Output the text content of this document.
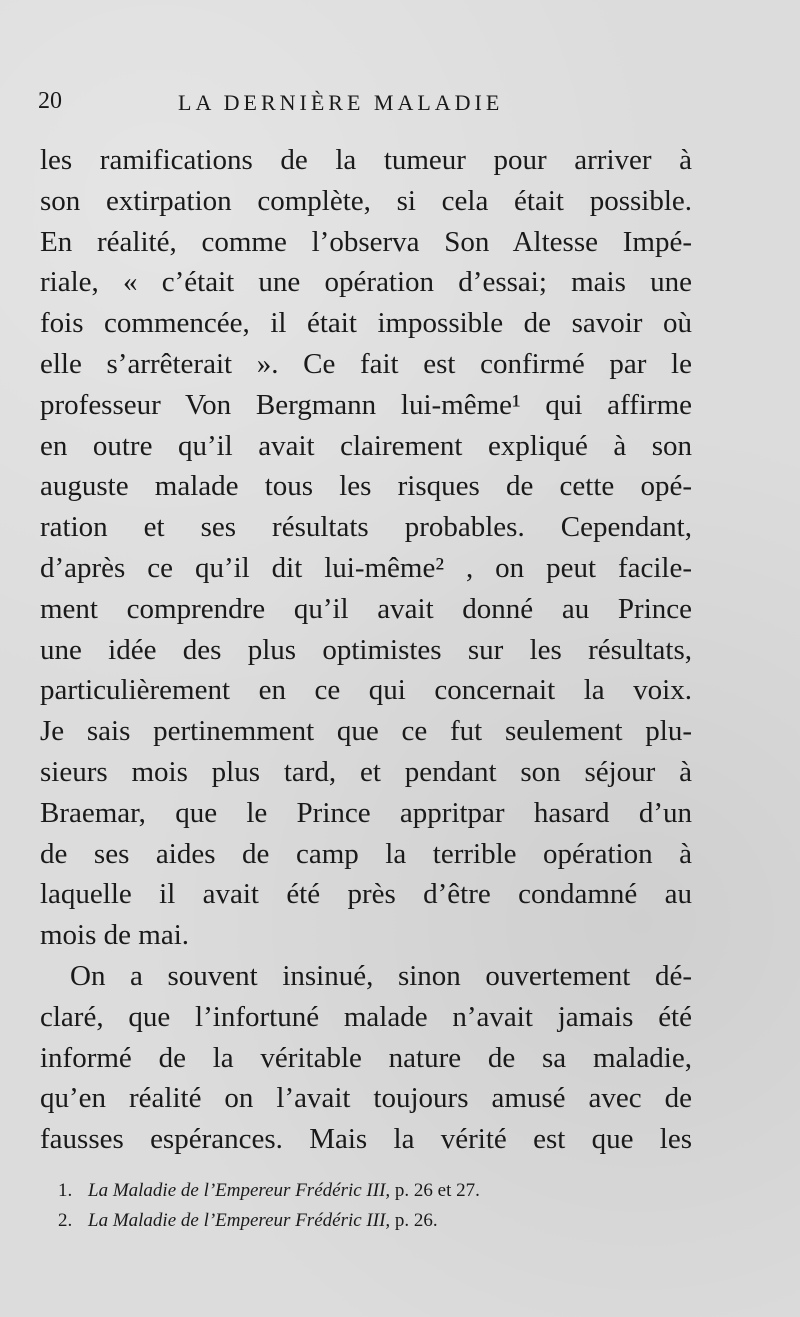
20	LA DERNIÈRE MALADIE
les ramifications de la tumeur pour arriver à
son extirpation complète, si cela était possible.
En réalité, comme l’observa Son Altesse Impé-
riale, « c’était une opération d’essai; mais une
fois commencée, il était impossible de savoir où
elle s’arrêterait ». Ce fait est confirmé par le
professeur Von Bergmann lui-même¹ qui affirme
en outre qu’il avait clairement expliqué à son
auguste malade tous les risques de cette opé-
ration et ses résultats probables. Cependant,
d’après ce qu’il dit lui-même² , on peut facile-
ment comprendre qu’il avait donné au Prince
une idée des plus optimistes sur les résultats,
particulièrement en ce qui concernait la voix.
Je sais pertinemment que ce fut seulement plu-
sieurs mois plus tard, et pendant son séjour à
Braemar, que le Prince appritpar hasard d’un
de ses aides de camp la terrible opération à
laquelle il avait été près d’être condamné au
mois de mai.
On a souvent insinué, sinon ouvertement dé-
claré, que l’infortuné malade n’avait jamais été
informé de la véritable nature de sa maladie,
qu’en réalité on l’avait toujours amusé avec de
fausses espérances. Mais la vérité est que les
1. La Maladie de l’Empereur Frédéric III, p. 26 et 27.
2. La Maladie de l’Empereur Frédéric III, p. 26.
